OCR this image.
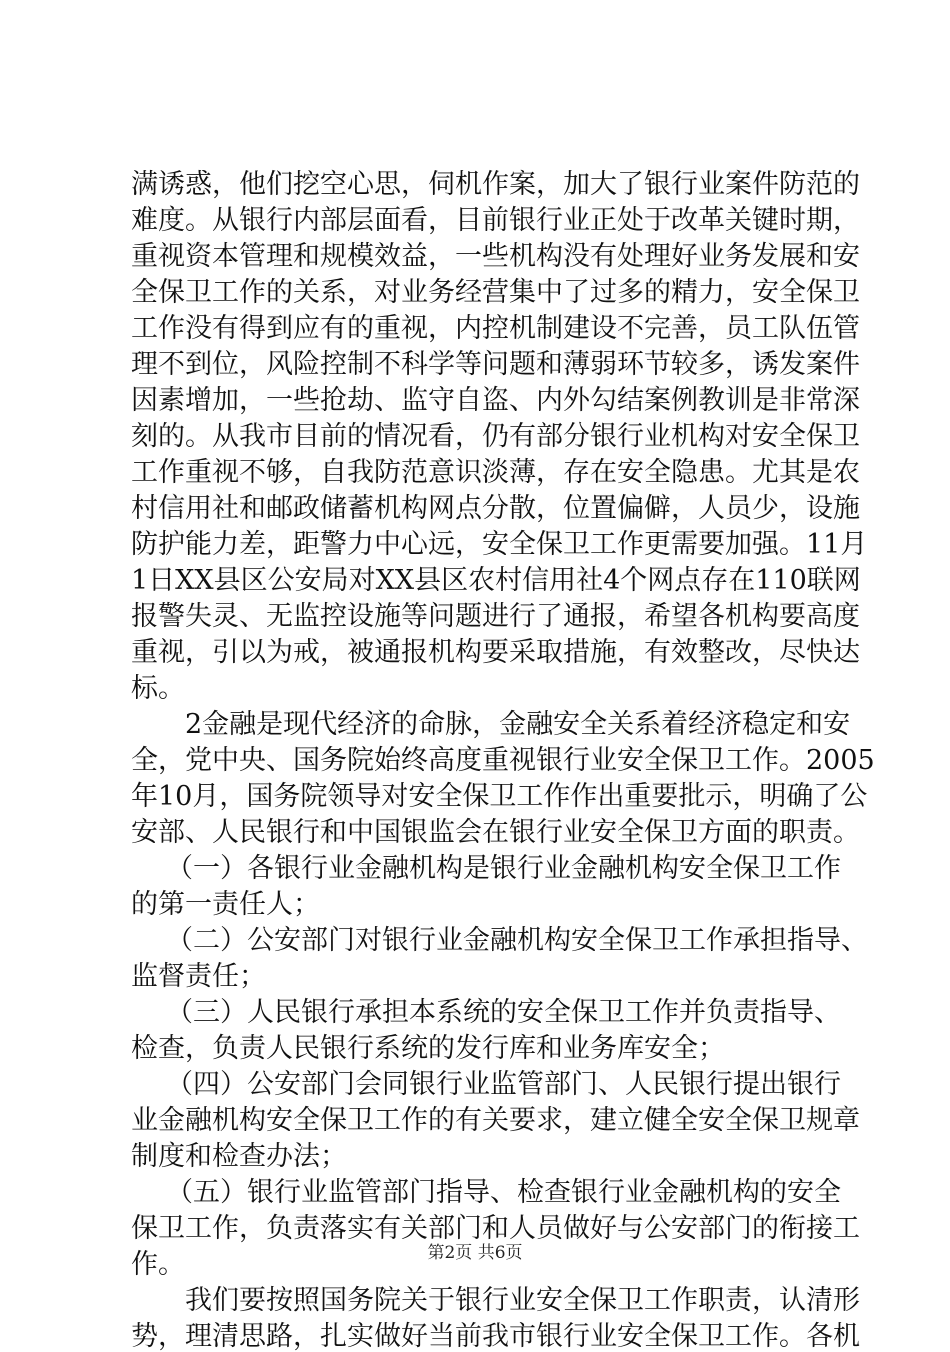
满诱惑，他们挖空心思，伺机作案，加大了银行业案件防范的
难度。从银行内部层面看，目前银行业正处于改革关键时期，
重视资本管理和规模效益，一些机构没有处理好业务发展和安
全保卫工作的关系，对业务经营集中了过多的精力，安全保卫
工作没有得到应有的重视，内控机制建设不完善，员工队伍管
理不到位，风险控制不科学等问题和薄弱环节较多，诱发案件
因素增加，一些抢劫、监守自盗、内外勾结案例教训是非常深
刻的。从我市目前的情况看，仍有部分银行业机构对安全保卫
工作重视不够，自我防范意识淡薄，存在安全隐患。尤其是农
村信用社和邮政储蓄机构网点分散，位置偏僻，人员少，设施
防护能力差，距警力中心远，安全保卫工作更需要加强。11月
1日XX县区公安局对XX县区农村信用社4个网点存在110联网
报警失灵、无监控设施等问题进行了通报，希望各机构要高度
重视，引以为戒，被通报机构要采取措施，有效整改，尽快达
标。
2金融是现代经济的命脉，金融安全关系着经济稳定和安
全，党中央、国务院始终高度重视银行业安全保卫工作。2005
年10月，国务院领导对安全保卫工作作出重要批示，明确了公
安部、人民银行和中国银监会在银行业安全保卫方面的职责。
（一）各银行业金融机构是银行业金融机构安全保卫工作
的第一责任人；
（二）公安部门对银行业金融机构安全保卫工作承担指导、
监督责任；
（三）人民银行承担本系统的安全保卫工作并负责指导、
检查，负责人民银行系统的发行库和业务库安全；
（四）公安部门会同银行业监管部门、人民银行提出银行
业金融机构安全保卫工作的有关要求，建立健全安全保卫规章
制度和检查办法；
（五）银行业监管部门指导、检查银行业金融机构的安全
保卫工作，负责落实有关部门和人员做好与公安部门的衔接工
作。
我们要按照国务院关于银行业安全保卫工作职责，认清形
势，理清思路，扎实做好当前我市银行业安全保卫工作。各机
第2页 共6页
